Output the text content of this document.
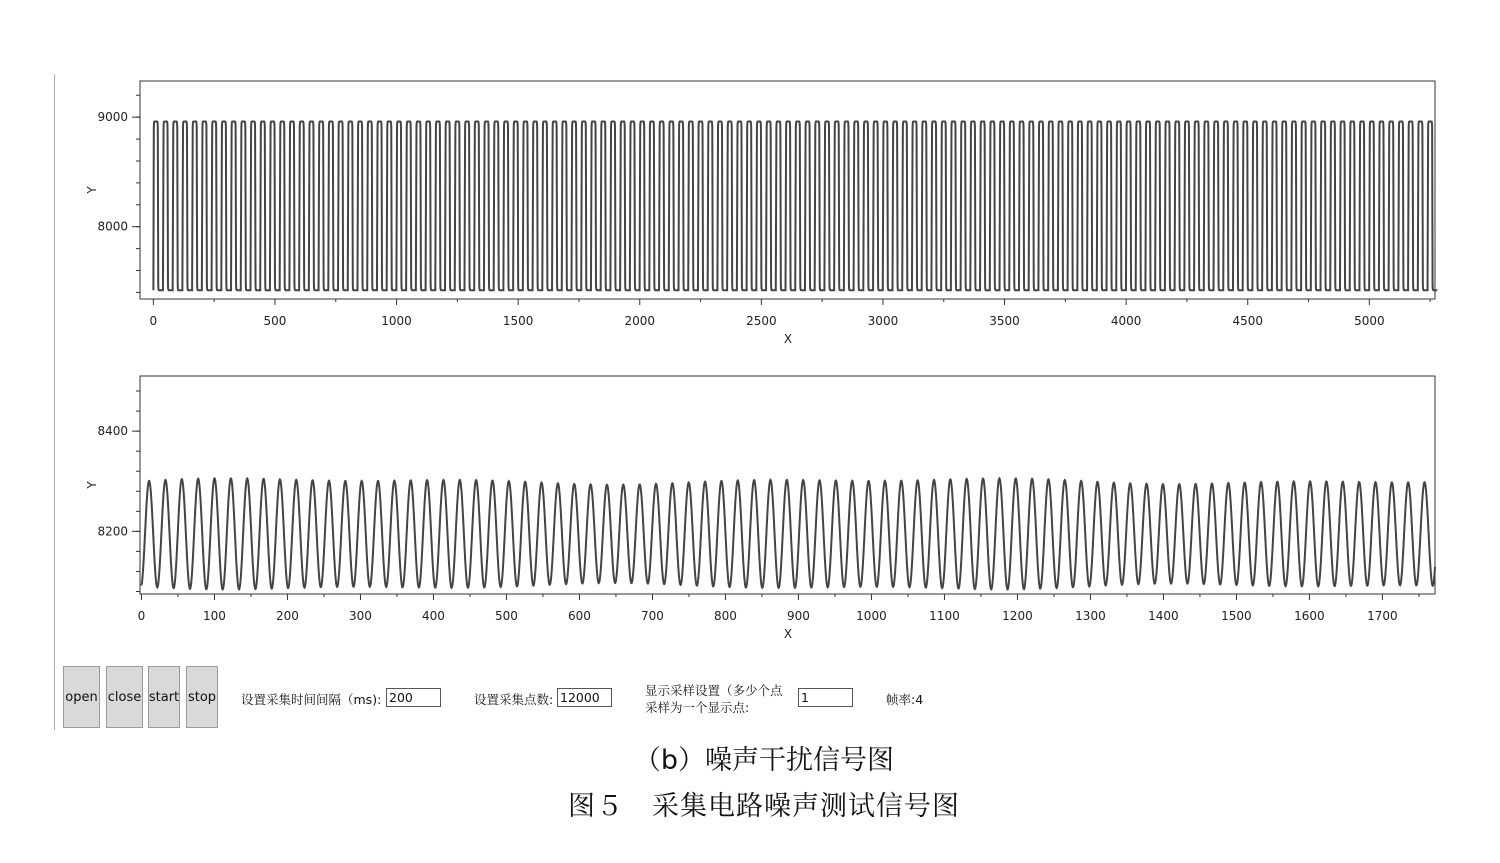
0	500	1000	1500	2000	2500	3000	3500	4000	4500	5000
8000
9000
X
Y
0	100	200	300	400	500	600	700	800	900	1000	1100	1200	1300	1400	1500	1600	1700
8200
8400
X
Y
open close start stop 设置采集时间间隔（ms):
200	设置采集点数:
12000
显示采样设置（多少个点
采样为一个显示点:
1
帧率:4
（b）噪声干扰信号图
图５　采集电路噪声测试信号图
